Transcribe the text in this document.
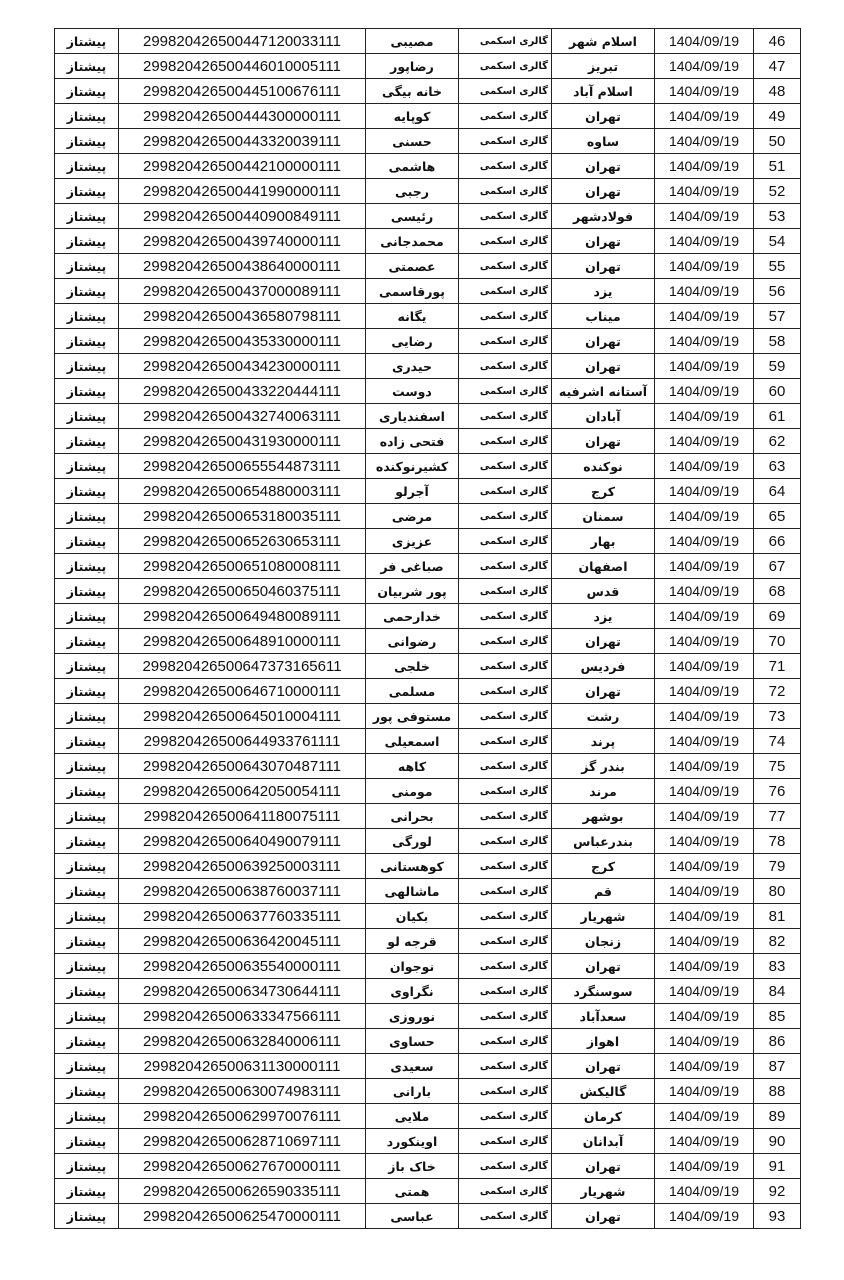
46	1404/09/19	اسلام شهر	گالری اسکمی	مصیبی	299820426500447120033111	پیشتاز
47	1404/09/19	تبریز	گالری اسکمی	رضاپور	299820426500446010005111	پیشتاز
48	1404/09/19	اسلام آباد	گالری اسکمی	خانه بیگی	299820426500445100676111	پیشتاز
49	1404/09/19	تهران	گالری اسکمی	کوپایه	299820426500444300000111	پیشتاز
50	1404/09/19	ساوه	گالری اسکمی	حسنی	299820426500443320039111	پیشتاز
51	1404/09/19	تهران	گالری اسکمی	هاشمی	299820426500442100000111	پیشتاز
52	1404/09/19	تهران	گالری اسکمی	رجبی	299820426500441990000111	پیشتاز
53	1404/09/19	فولادشهر	گالری اسکمی	رئیسی	299820426500440900849111	پیشتاز
54	1404/09/19	تهران	گالری اسکمی	محمدجانی	299820426500439740000111	پیشتاز
55	1404/09/19	تهران	گالری اسکمی	عصمتی	299820426500438640000111	پیشتاز
56	1404/09/19	یزد	گالری اسکمی	پورقاسمی	299820426500437000089111	پیشتاز
57	1404/09/19	میناب	گالری اسکمی	یگانه	299820426500436580798111	پیشتاز
58	1404/09/19	تهران	گالری اسکمی	رضایی	299820426500435330000111	پیشتاز
59	1404/09/19	تهران	گالری اسکمی	حیدری	299820426500434230000111	پیشتاز
60	1404/09/19	آستانه اشرفیه	گالری اسکمی	دوست	299820426500433220444111	پیشتاز
61	1404/09/19	آبادان	گالری اسکمی	اسفندیاری	299820426500432740063111	پیشتاز
62	1404/09/19	تهران	گالری اسکمی	فتحی زاده	299820426500431930000111	پیشتاز
63	1404/09/19	نوکنده	گالری اسکمی	کشیرنوکنده	299820426500655544873111	پیشتاز
64	1404/09/19	کرج	گالری اسکمی	آجرلو	299820426500654880003111	پیشتاز
65	1404/09/19	سمنان	گالری اسکمی	مرضی	299820426500653180035111	پیشتاز
66	1404/09/19	بهار	گالری اسکمی	عزیزی	299820426500652630653111	پیشتاز
67	1404/09/19	اصفهان	گالری اسکمی	صباغی فر	299820426500651080008111	پیشتاز
68	1404/09/19	قدس	گالری اسکمی	پور شربیان	299820426500650460375111	پیشتاز
69	1404/09/19	یزد	گالری اسکمی	خدارحمی	299820426500649480089111	پیشتاز
70	1404/09/19	تهران	گالری اسکمی	رضوانی	299820426500648910000111	پیشتاز
71	1404/09/19	فردیس	گالری اسکمی	خلجی	299820426500647373165611	پیشتاز
72	1404/09/19	تهران	گالری اسکمی	مسلمی	299820426500646710000111	پیشتاز
73	1404/09/19	رشت	گالری اسکمی	مستوفی پور	299820426500645010004111	پیشتاز
74	1404/09/19	پرند	گالری اسکمی	اسمعیلی	299820426500644933761111	پیشتاز
75	1404/09/19	بندر گز	گالری اسکمی	کاهه	299820426500643070487111	پیشتاز
76	1404/09/19	مرند	گالری اسکمی	مومنی	299820426500642050054111	پیشتاز
77	1404/09/19	بوشهر	گالری اسکمی	بحرانی	299820426500641180075111	پیشتاز
78	1404/09/19	بندرعباس	گالری اسکمی	لورگی	299820426500640490079111	پیشتاز
79	1404/09/19	کرج	گالری اسکمی	کوهستانی	299820426500639250003111	پیشتاز
80	1404/09/19	قم	گالری اسکمی	ماشالهی	299820426500638760037111	پیشتاز
81	1404/09/19	شهریار	گالری اسکمی	بکیان	299820426500637760335111	پیشتاز
82	1404/09/19	زنجان	گالری اسکمی	قرجه لو	299820426500636420045111	پیشتاز
83	1404/09/19	تهران	گالری اسکمی	نوجوان	299820426500635540000111	پیشتاز
84	1404/09/19	سوسنگرد	گالری اسکمی	نگراوی	299820426500634730644111	پیشتاز
85	1404/09/19	سعدآباد	گالری اسکمی	نوروزی	299820426500633347566111	پیشتاز
86	1404/09/19	اهواز	گالری اسکمی	حساوی	299820426500632840006111	پیشتاز
87	1404/09/19	تهران	گالری اسکمی	سعیدی	299820426500631130000111	پیشتاز
88	1404/09/19	گالیکش	گالری اسکمی	بارانی	299820426500630074983111	پیشتاز
89	1404/09/19	کرمان	گالری اسکمی	ملایی	299820426500629970076111	پیشتاز
90	1404/09/19	آبدانان	گالری اسکمی	اوینکورد	299820426500628710697111	پیشتاز
91	1404/09/19	تهران	گالری اسکمی	خاک باز	299820426500627670000111	پیشتاز
92	1404/09/19	شهریار	گالری اسکمی	همتی	299820426500626590335111	پیشتاز
93	1404/09/19	تهران	گالری اسکمی	عباسی	299820426500625470000111	پیشتاز
